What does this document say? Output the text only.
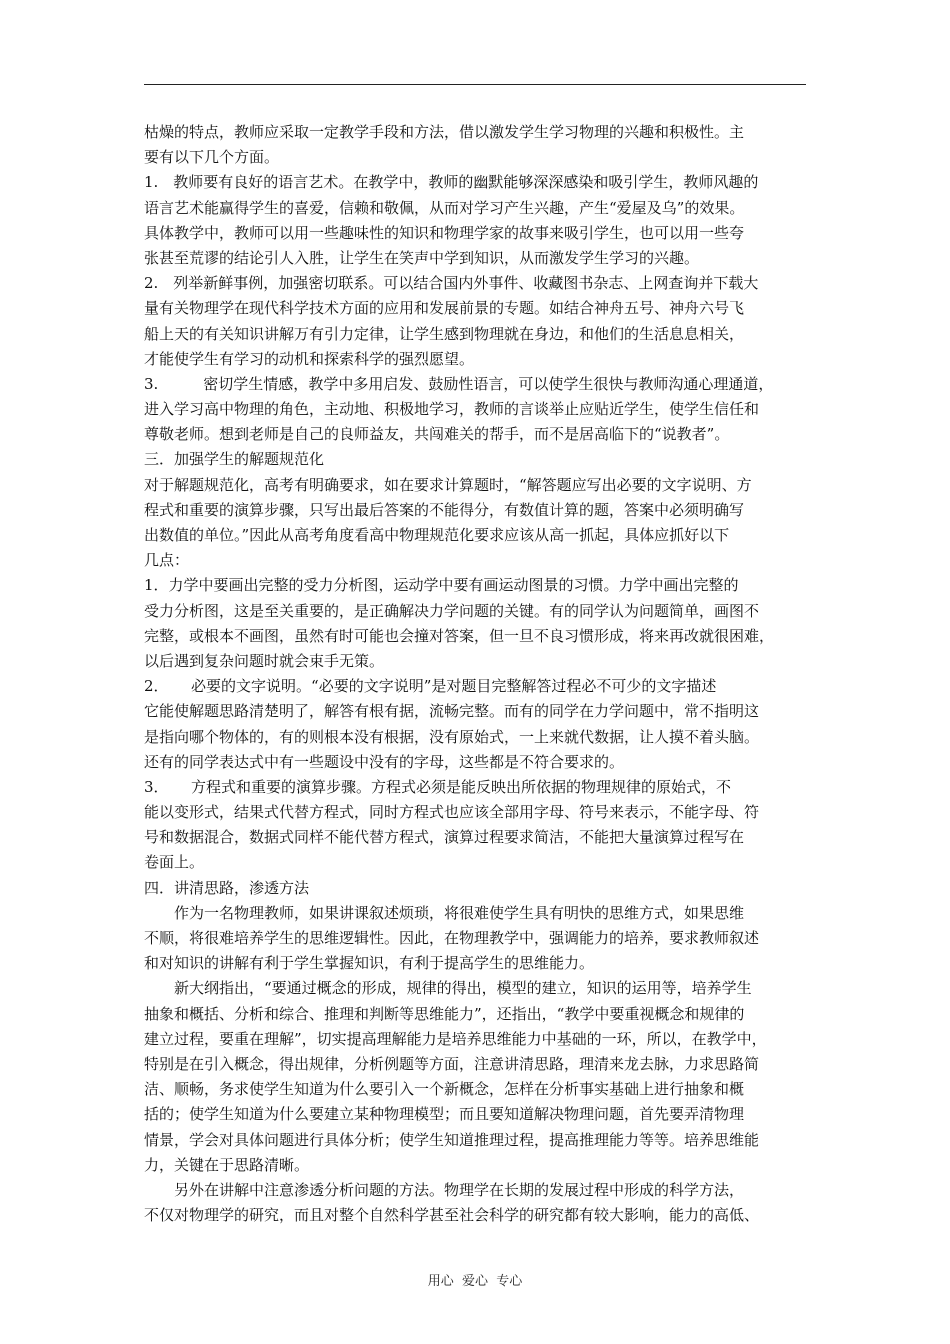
枯燥的特点，教师应采取一定教学手段和方法，借以激发学生学习物理的兴趣和积极性。主
要有以下几个方面。
1.　教师要有良好的语言艺术。在教学中，教师的幽默能够深深感染和吸引学生，教师风趣的
语言艺术能赢得学生的喜爱，信赖和敬佩，从而对学习产生兴趣，产生“爱屋及乌”的效果。
具体教学中，教师可以用一些趣味性的知识和物理学家的故事来吸引学生，也可以用一些夸
张甚至荒谬的结论引人入胜，让学生在笑声中学到知识，从而激发学生学习的兴趣。
2.　列举新鲜事例，加强密切联系。可以结合国内外事件、收藏图书杂志、上网查询并下载大
量有关物理学在现代科学技术方面的应用和发展前景的专题。如结合神舟五号、神舟六号飞
船上天的有关知识讲解万有引力定律，让学生感到物理就在身边，和他们的生活息息相关，
才能使学生有学习的动机和探索科学的强烈愿望。
3.　　　密切学生情感，教学中多用启发、鼓励性语言，可以使学生很快与教师沟通心理通道，
进入学习高中物理的角色，主动地、积极地学习，教师的言谈举止应贴近学生，使学生信任和
尊敬老师。想到老师是自己的良师益友，共闯难关的帮手，而不是居高临下的“说教者”。
三．加强学生的解题规范化
对于解题规范化，高考有明确要求，如在要求计算题时，“解答题应写出必要的文字说明、方
程式和重要的演算步骤，只写出最后答案的不能得分，有数值计算的题，答案中必须明确写
出数值的单位。”因此从高考角度看高中物理规范化要求应该从高一抓起，具体应抓好以下
几点：
1．力学中要画出完整的受力分析图，运动学中要有画运动图景的习惯。力学中画出完整的
受力分析图，这是至关重要的，是正确解决力学问题的关键。有的同学认为问题简单，画图不
完整，或根本不画图，虽然有时可能也会撞对答案，但一旦不良习惯形成，将来再改就很困难，
以后遇到复杂问题时就会束手无策。
2．　　必要的文字说明。“必要的文字说明”是对题目完整解答过程必不可少的文字描述
它能使解题思路清楚明了，解答有根有据，流畅完整。而有的同学在力学问题中，常不指明这
是指向哪个物体的，有的则根本没有根据，没有原始式，一上来就代数据，让人摸不着头脑。
还有的同学表达式中有一些题设中没有的字母，这些都是不符合要求的。
3．　　方程式和重要的演算步骤。方程式必须是能反映出所依据的物理规律的原始式，不
能以变形式，结果式代替方程式，同时方程式也应该全部用字母、符号来表示，不能字母、符
号和数据混合，数据式同样不能代替方程式，演算过程要求简洁，不能把大量演算过程写在
卷面上。
四．讲清思路，渗透方法
　　作为一名物理教师，如果讲课叙述烦琐，将很难使学生具有明快的思维方式，如果思维
不顺，将很难培养学生的思维逻辑性。因此，在物理教学中，强调能力的培养，要求教师叙述
和对知识的讲解有利于学生掌握知识，有利于提高学生的思维能力。
　　新大纲指出，“要通过概念的形成，规律的得出，模型的建立，知识的运用等，培养学生
抽象和概括、分析和综合、推理和判断等思维能力”，还指出，“教学中要重视概念和规律的
建立过程，要重在理解”，切实提高理解能力是培养思维能力中基础的一环，所以，在教学中，
特别是在引入概念，得出规律，分析例题等方面，注意讲清思路，理清来龙去脉，力求思路简
洁、顺畅，务求使学生知道为什么要引入一个新概念，怎样在分析事实基础上进行抽象和概
括的；使学生知道为什么要建立某种物理模型；而且要知道解决物理问题，首先要弄清物理
情景，学会对具体问题进行具体分析；使学生知道推理过程，提高推理能力等等。培养思维能
力，关键在于思路清晰。
　　另外在讲解中注意渗透分析问题的方法。物理学在长期的发展过程中形成的科学方法，
不仅对物理学的研究，而且对整个自然科学甚至社会科学的研究都有较大影响，能力的高低、
用心  爱心  专心
